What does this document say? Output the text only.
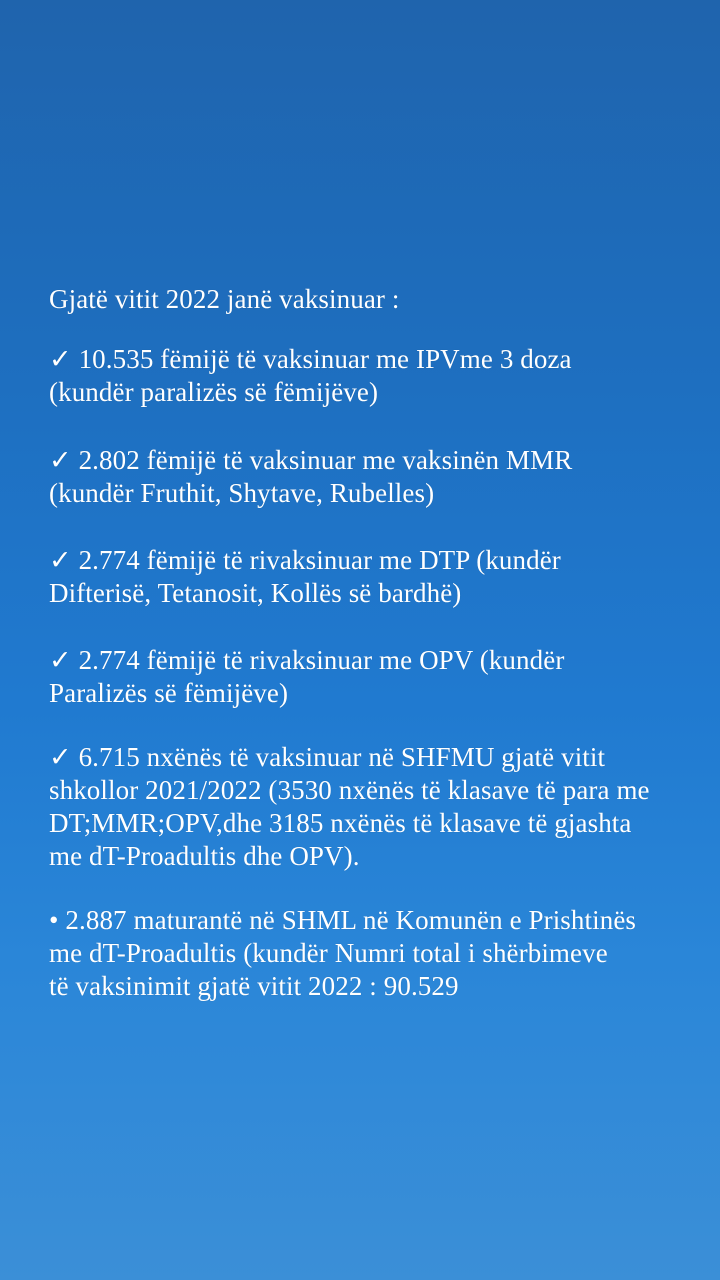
Gjatë vitit 2022 janë vaksinuar :
✓ 10.535 fëmijë të vaksinuar me IPVme 3 doza
(kundër paralizës së fëmijëve)
✓ 2.802 fëmijë të vaksinuar me vaksinën MMR
(kundër Fruthit, Shytave, Rubelles)
✓ 2.774 fëmijë të rivaksinuar me DTP (kundër
Difterisë, Tetanosit, Kollës së bardhë)
✓ 2.774 fëmijë të rivaksinuar me OPV (kundër
Paralizës së fëmijëve)
✓ 6.715 nxënës të vaksinuar në SHFMU gjatë vitit
shkollor 2021/2022 (3530 nxënës të klasave të para me
DT;MMR;OPV,dhe 3185 nxënës të klasave të gjashta
me dT-Proadultis dhe OPV).
• 2.887 maturantë në SHML në Komunën e Prishtinës
me dT-Proadultis (kundër Numri total i shërbimeve
të vaksinimit gjatë vitit 2022 : 90.529
